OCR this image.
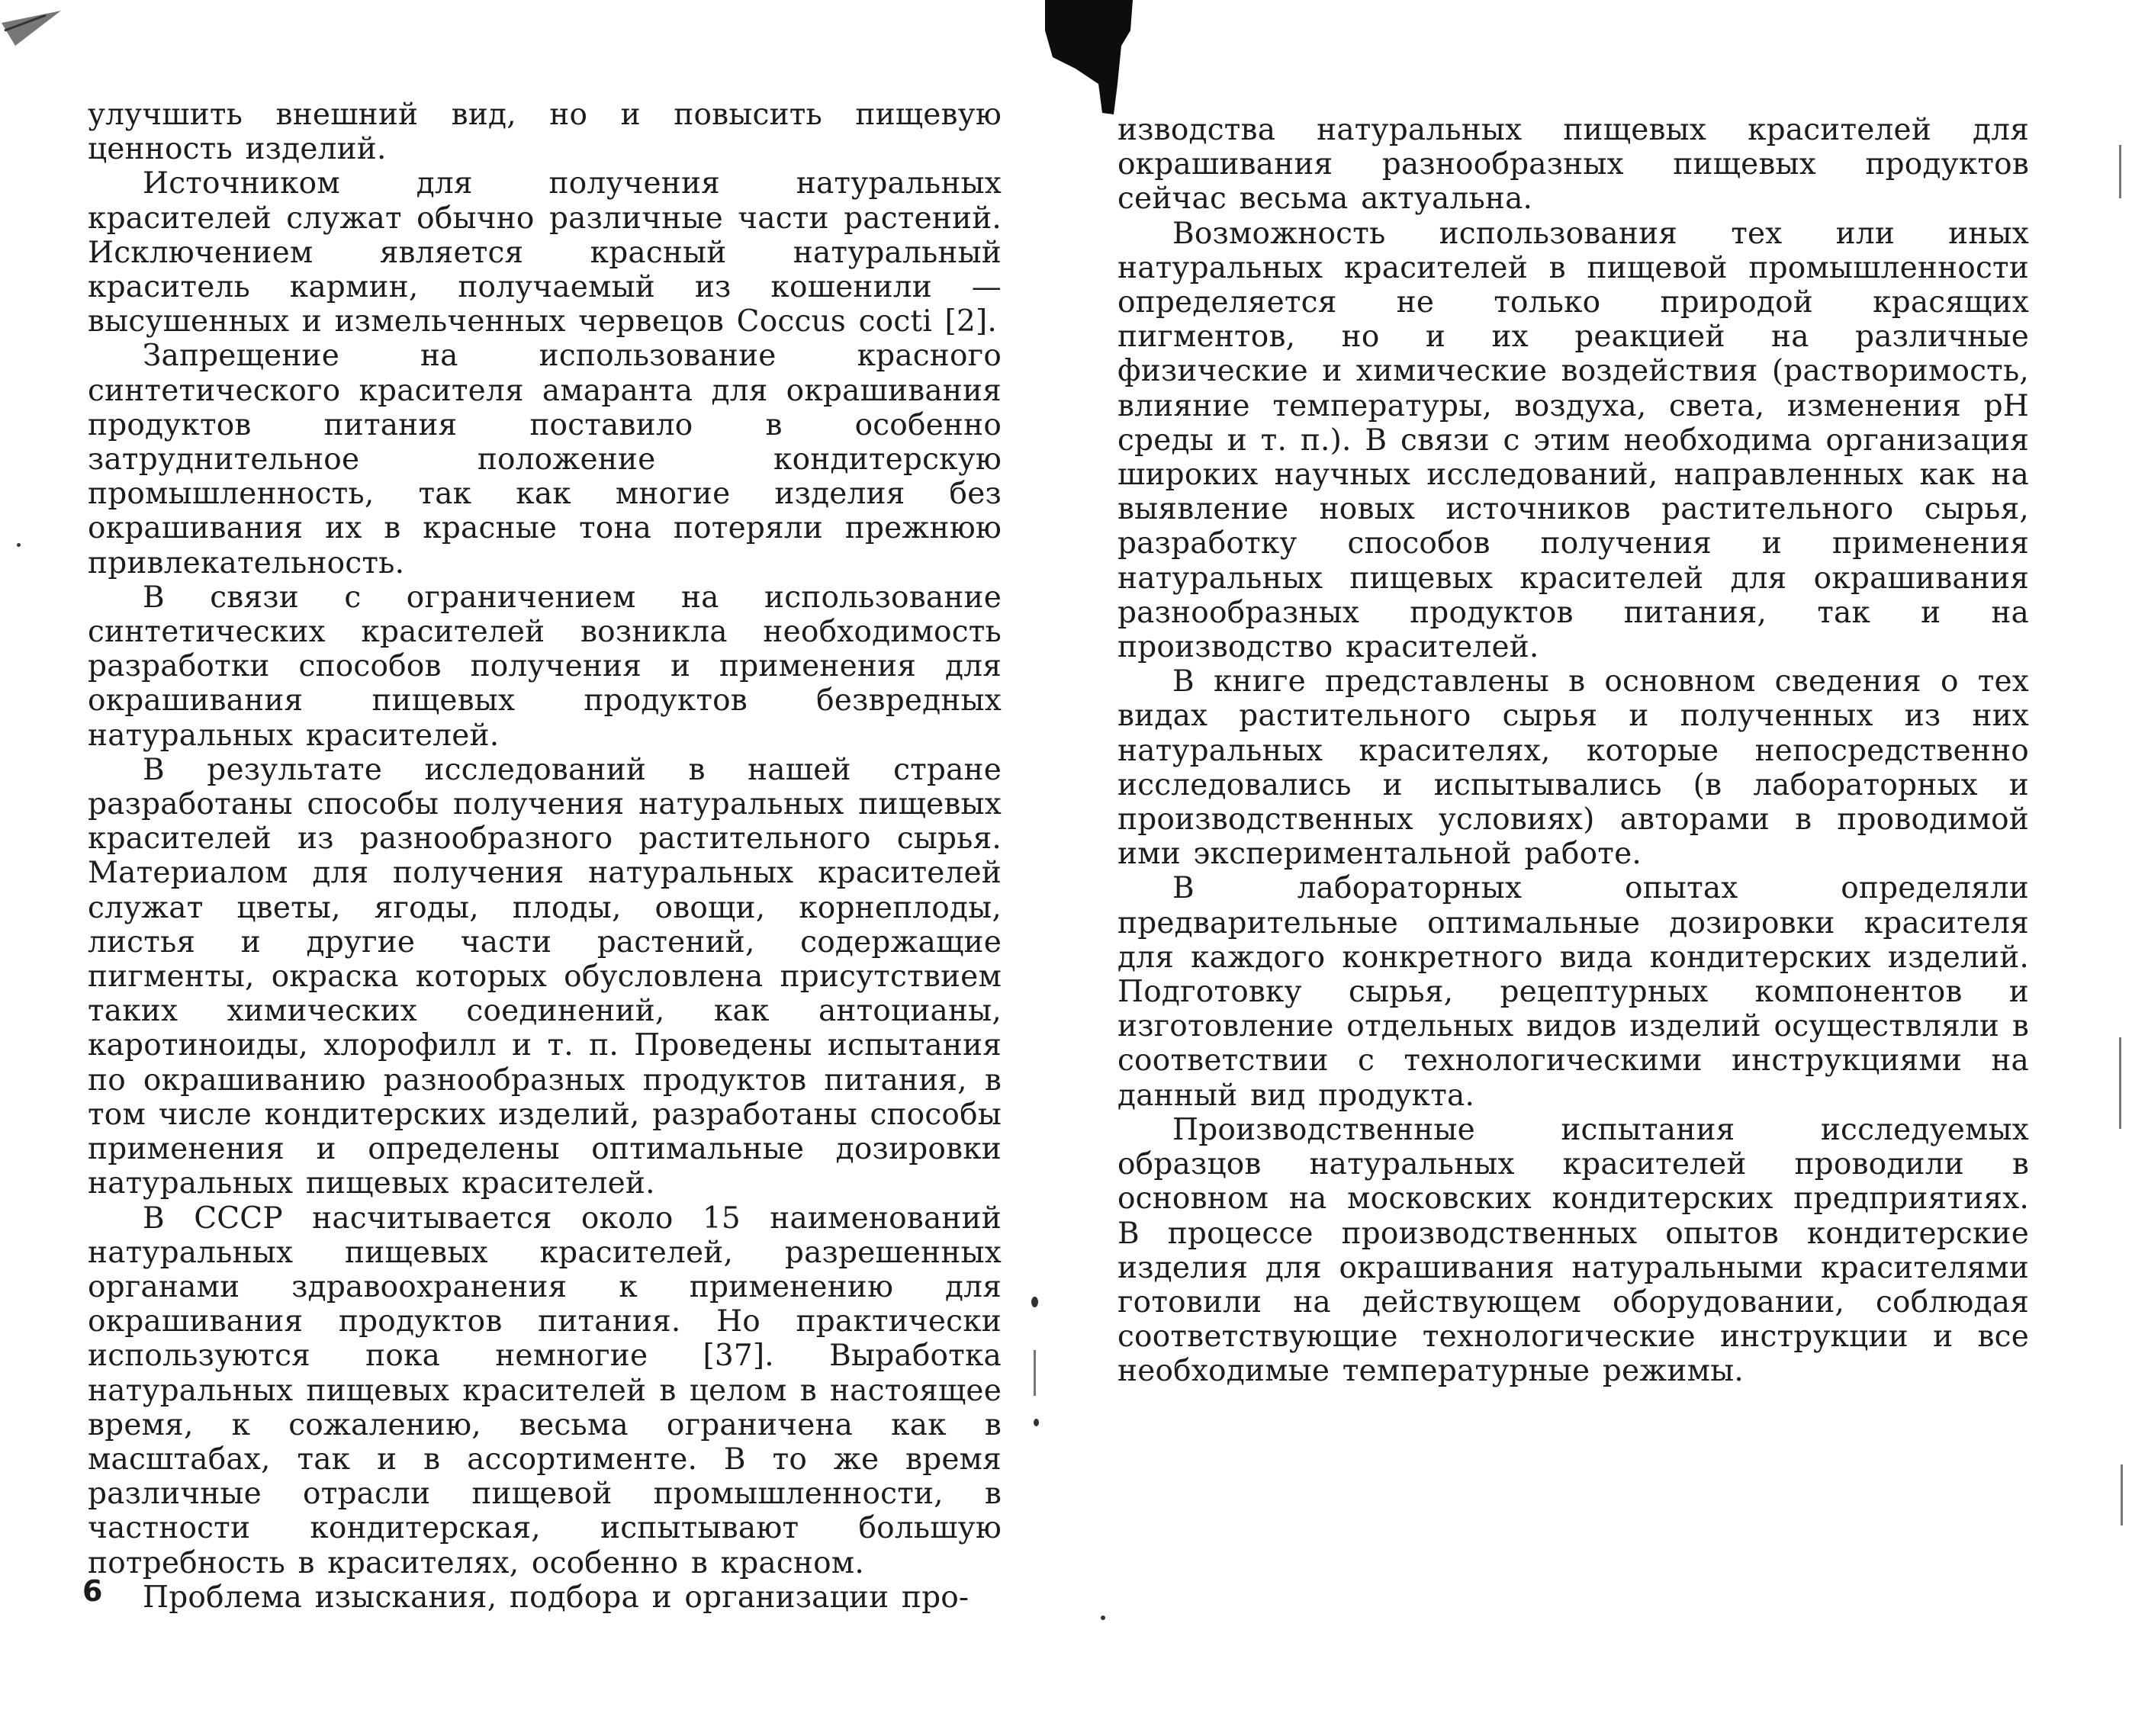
улучшить внешний вид, но и повысить пищевую ценность изделий.

Источником для получения натуральных красителей служат обычно различные части растений. Исключением является красный натуральный краситель кармин, получаемый из кошенили — высушенных и измельченных червецов Coccus cocti [2].

Запрещение на использование красного синтетического красителя амаранта для окрашивания продуктов питания поставило в особенно затруднительное положение кондитерскую промышленность, так как многие изделия без окрашивания их в красные тона потеряли прежнюю привлекательность.

В связи с ограничением на использование синтетических красителей возникла необходимость разработки способов получения и применения для окрашивания пищевых продуктов безвредных натуральных красителей.

В результате исследований в нашей стране разработаны способы получения натуральных пищевых красителей из разнообразного растительного сырья. Материалом для получения натуральных красителей служат цветы, ягоды, плоды, овощи, корнеплоды, листья и другие части растений, содержащие пигменты, окраска которых обусловлена присутствием таких химических соединений, как антоцианы, каротиноиды, хлорофилл и т. п. Проведены испытания по окрашиванию разнообразных продуктов питания, в том числе кондитерских изделий, разработаны способы применения и определены оптимальные дозировки натуральных пищевых красителей.

В СССР насчитывается около 15 наименований натуральных пищевых красителей, разрешенных органами здравоохранения к применению для окрашивания продуктов питания. Но практически используются пока немногие [37]. Выработка натуральных пищевых красителей в целом в настоящее время, к сожалению, весьма ограничена как в масштабах, так и в ассортименте. В то же время различные отрасли пищевой промышленности, в частности кондитерская, испытывают большую потребность в красителях, особенно в красном.

Проблема изыскания, подбора и организации про-

6

изводства натуральных пищевых красителей для окрашивания разнообразных пищевых продуктов сейчас весьма актуальна.

Возможность использования тех или иных натуральных красителей в пищевой промышленности определяется не только природой красящих пигментов, но и их реакцией на различные физические и химические воздействия (растворимость, влияние температуры, воздуха, света, изменения pH среды и т. п.). В связи с этим необходима организация широких научных исследований, направленных как на выявление новых источников растительного сырья, разработку способов получения и применения натуральных пищевых красителей для окрашивания разнообразных продуктов питания, так и на производство красителей.

В книге представлены в основном сведения о тех видах растительного сырья и полученных из них натуральных красителях, которые непосредственно исследовались и испытывались (в лабораторных и производственных условиях) авторами в проводимой ими экспериментальной работе.

В лабораторных опытах определяли предварительные оптимальные дозировки красителя для каждого конкретного вида кондитерских изделий. Подготовку сырья, рецептурных компонентов и изготовление отдельных видов изделий осуществляли в соответствии с технологическими инструкциями на данный вид продукта.

Производственные испытания исследуемых образцов натуральных красителей проводили в основном на московских кондитерских предприятиях. В процессе производственных опытов кондитерские изделия для окрашивания натуральными красителями готовили на действующем оборудовании, соблюдая соответствующие технологические инструкции и все необходимые температурные режимы.
